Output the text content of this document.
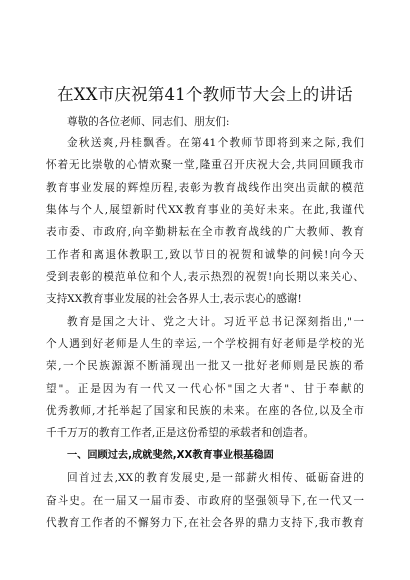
在XX市庆祝第41个教师节大会上的讲话

尊敬的各位老师、同志们、朋友们:

金秋送爽,丹桂飘香。在第41个教师节即将到来之际,我们
怀着无比崇敬的心情欢聚一堂,隆重召开庆祝大会,共同回顾我市
教育事业发展的辉煌历程,表彰为教育战线作出突出贡献的模范
集体与个人,展望新时代XX教育事业的美好未来。在此,我谨代
表市委、市政府,向辛勤耕耘在全市教育战线的广大教师、教育
工作者和离退休教职工,致以节日的祝贺和诚挚的问候!向今天
受到表彰的模范单位和个人,表示热烈的祝贺!向长期以来关心、
支持XX教育事业发展的社会各界人士,表示衷心的感谢!
教育是国之大计、党之大计。习近平总书记深刻指出,"一
个人遇到好老师是人生的幸运,一个学校拥有好老师是学校的光
荣,一个民族源源不断涌现出一批又一批好老师则是民族的希
望"。正是因为有一代又一代心怀"国之大者"、甘于奉献的
优秀教师,才托举起了国家和民族的未来。在座的各位,以及全市
千千万万的教育工作者,正是这份希望的承载者和创造者。

一、回顾过去,成就斐然,XX教育事业根基稳固

回首过去,XX的教育发展史,是一部薪火相传、砥砺奋进的
奋斗史。在一届又一届市委、市政府的坚强领导下,在一代又一
代教育工作者的不懈努力下,在社会各界的鼎力支持下,我市教育
